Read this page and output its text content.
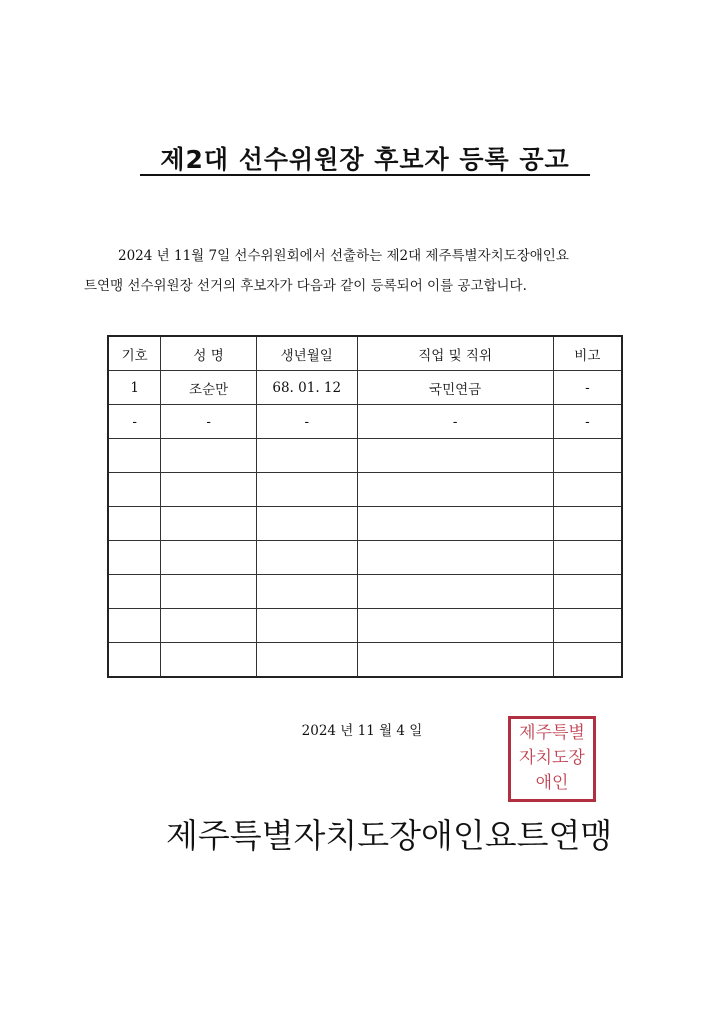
제2대 선수위원장 후보자 등록 공고
2024 년 11월 7일 선수위원회에서 선출하는 제2대 제주특별자치도장애인요
트연맹 선수위원장 선거의 후보자가 다음과 같이 등록되어 이를 공고합니다.
기호	성 명	생년월일	직업 및 직위	비고
1	조순만	68. 01. 12	국민연금	-
-	-	-	-	-

2024 년 11 월 4 일	제주특별자치도장애인
제주특별자치도장애인요트연맹
